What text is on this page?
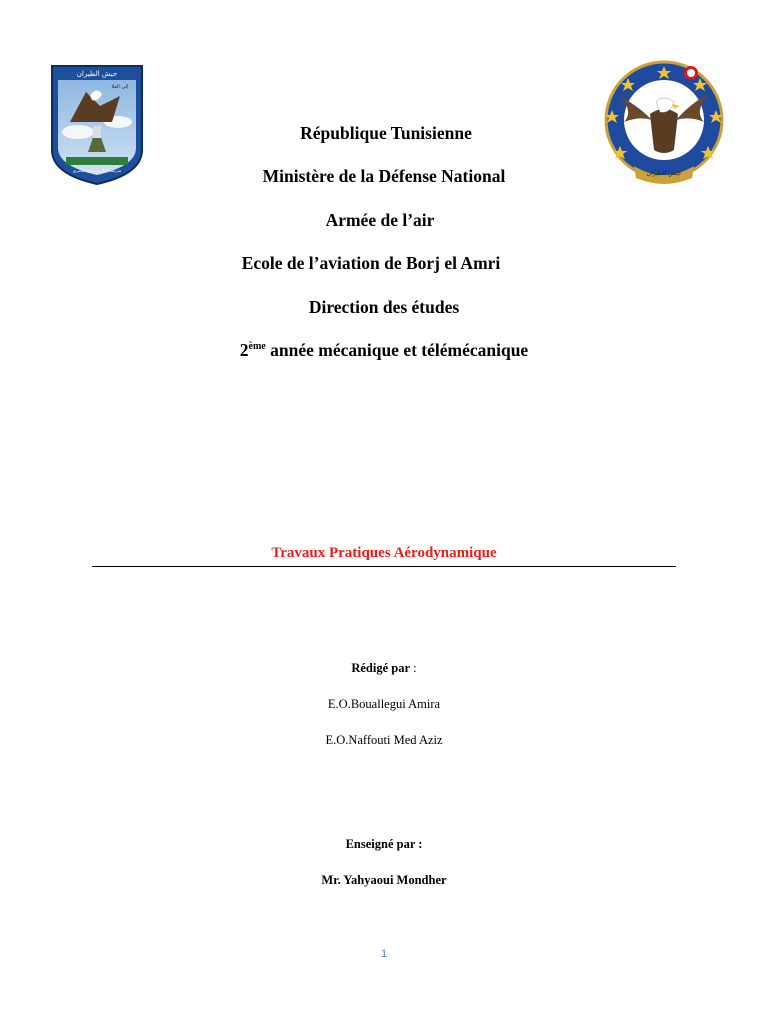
جيش الطيران
إلى العلا
مدرسة الطيران ببرج العامري	جيش الطيران
République Tunisienne
Ministère de la Défense National
Armée de l’air
Ecole de l’aviation de Borj el Amri
Direction des études
2ème année mécanique et télémécanique
Travaux Pratiques Aérodynamique
Rédigé par :
E.O.Bouallegui Amira
E.O.Naffouti Med Aziz
Enseigné par :
Mr. Yahyaoui Mondher
1
